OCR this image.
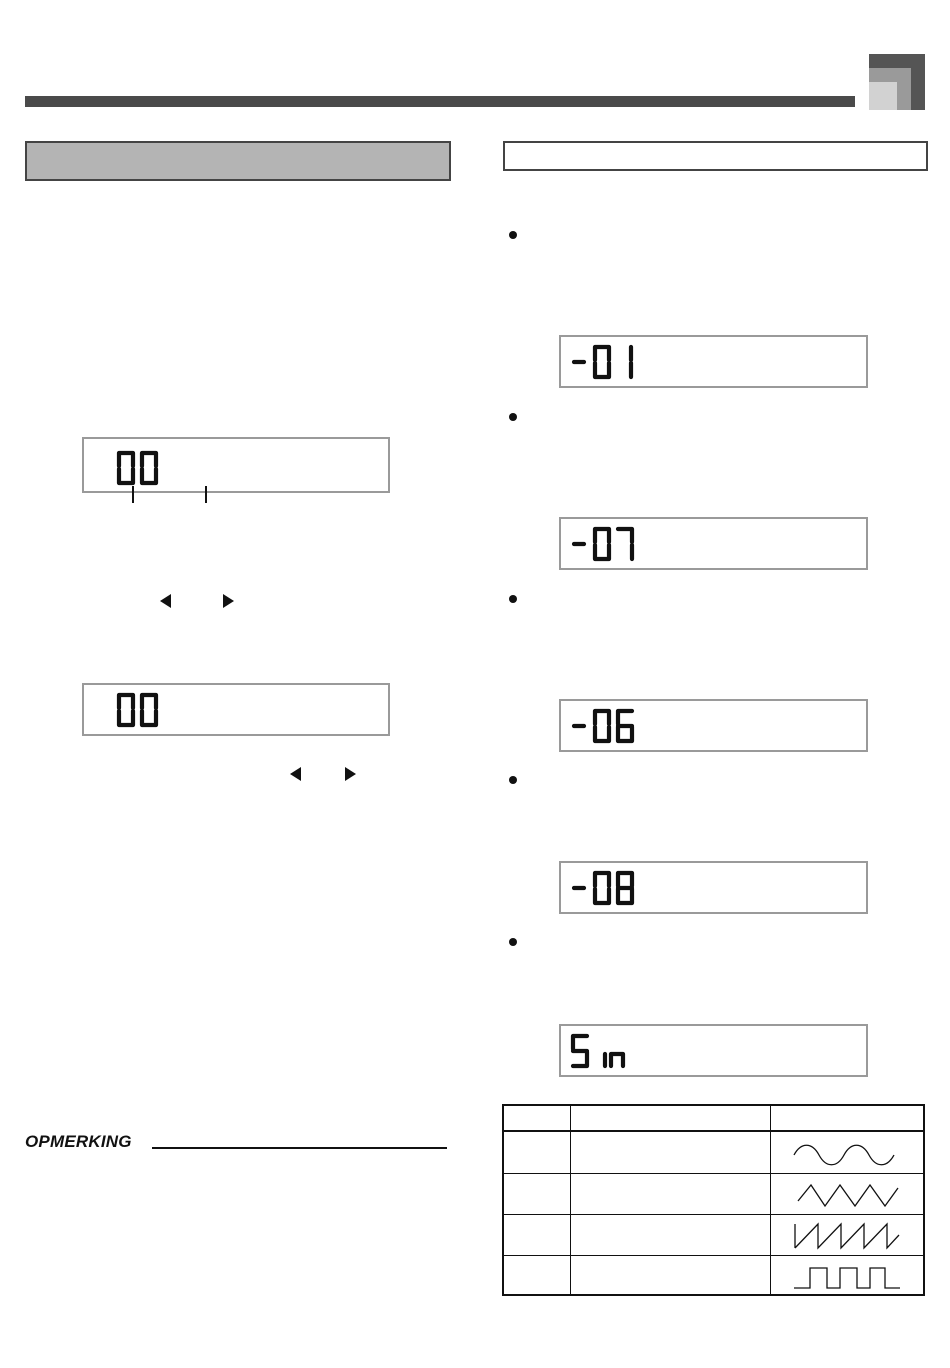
OPMERKING
